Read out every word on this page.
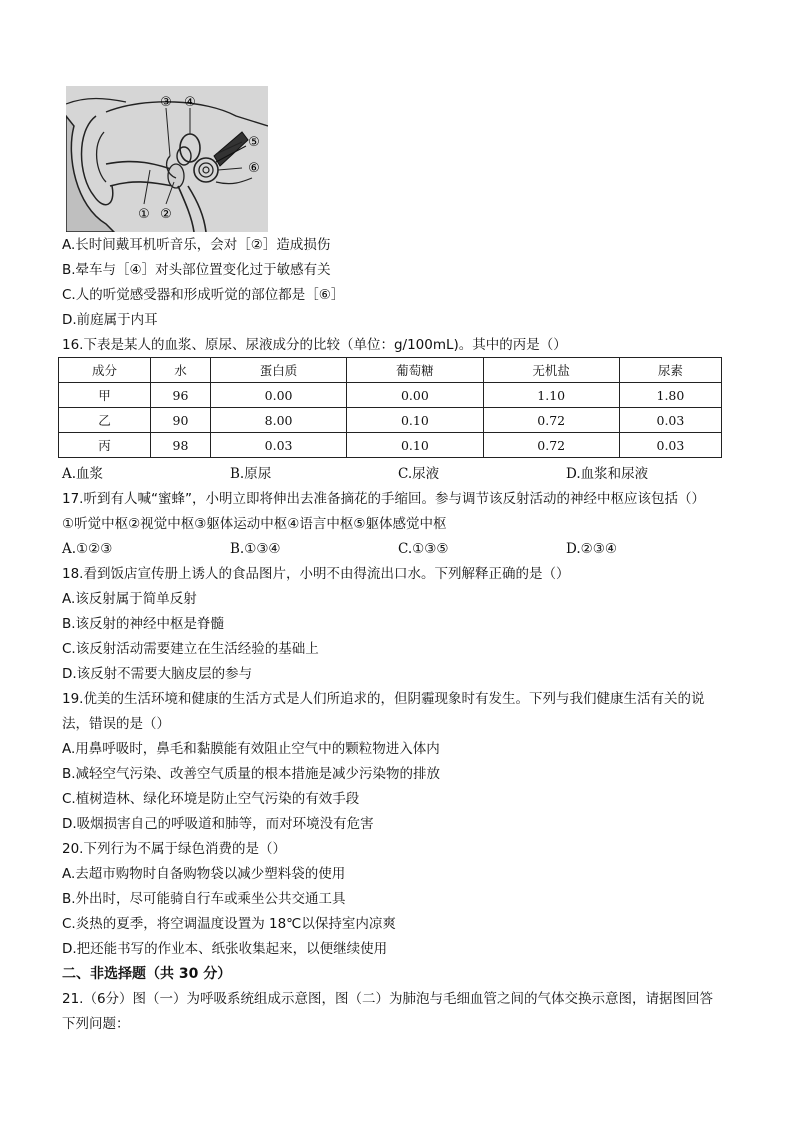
③ ④
⑤
⑥
① ②
A.长时间戴耳机听音乐，会对［②］造成损伤
B.晕车与［④］对头部位置变化过于敏感有关
C.人的听觉感受器和形成听觉的部位都是［⑥］
D.前庭属于内耳
16.下表是某人的血浆、原尿、尿液成分的比较（单位：g/100mL)。其中的丙是（）
成分	水	蛋白质	葡萄糖	无机盐	尿素
甲	96	0.00	0.00	1.10	1.80
乙	90	8.00	0.10	0.72	0.03
丙	98	0.03	0.10	0.72	0.03
A.血浆	B.原尿	C.尿液	D.血浆和尿液
17.听到有人喊“蜜蜂”，小明立即将伸出去准备摘花的手缩回。参与调节该反射活动的神经中枢应该包括（）
①听觉中枢②视觉中枢③躯体运动中枢④语言中枢⑤躯体感觉中枢
A.①②③	B.①③④	C.①③⑤	D.②③④
18.看到饭店宣传册上诱人的食品图片，小明不由得流出口水。下列解释正确的是（）
A.该反射属于简单反射
B.该反射的神经中枢是脊髓
C.该反射活动需要建立在生活经验的基础上
D.该反射不需要大脑皮层的参与
19.优美的生活环境和健康的生活方式是人们所追求的，但阴霾现象时有发生。下列与我们健康生活有关的说
法，错误的是（）
A.用鼻呼吸时，鼻毛和黏膜能有效阻止空气中的颗粒物进入体内
B.减轻空气污染、改善空气质量的根本措施是减少污染物的排放
C.植树造林、绿化环境是防止空气污染的有效手段
D.吸烟损害自己的呼吸道和肺等，而对环境没有危害
20.下列行为不属于绿色消费的是（）
A.去超市购物时自备购物袋以减少塑料袋的使用
B.外出时，尽可能骑自行车或乘坐公共交通工具
C.炎热的夏季，将空调温度设置为 18℃以保持室内凉爽
D.把还能书写的作业本、纸张收集起来，以便继续使用
二、非选择题（共 30 分）
21.（6分）图（一）为呼吸系统组成示意图，图（二）为肺泡与毛细血管之间的气体交换示意图，请据图回答
下列问题：
